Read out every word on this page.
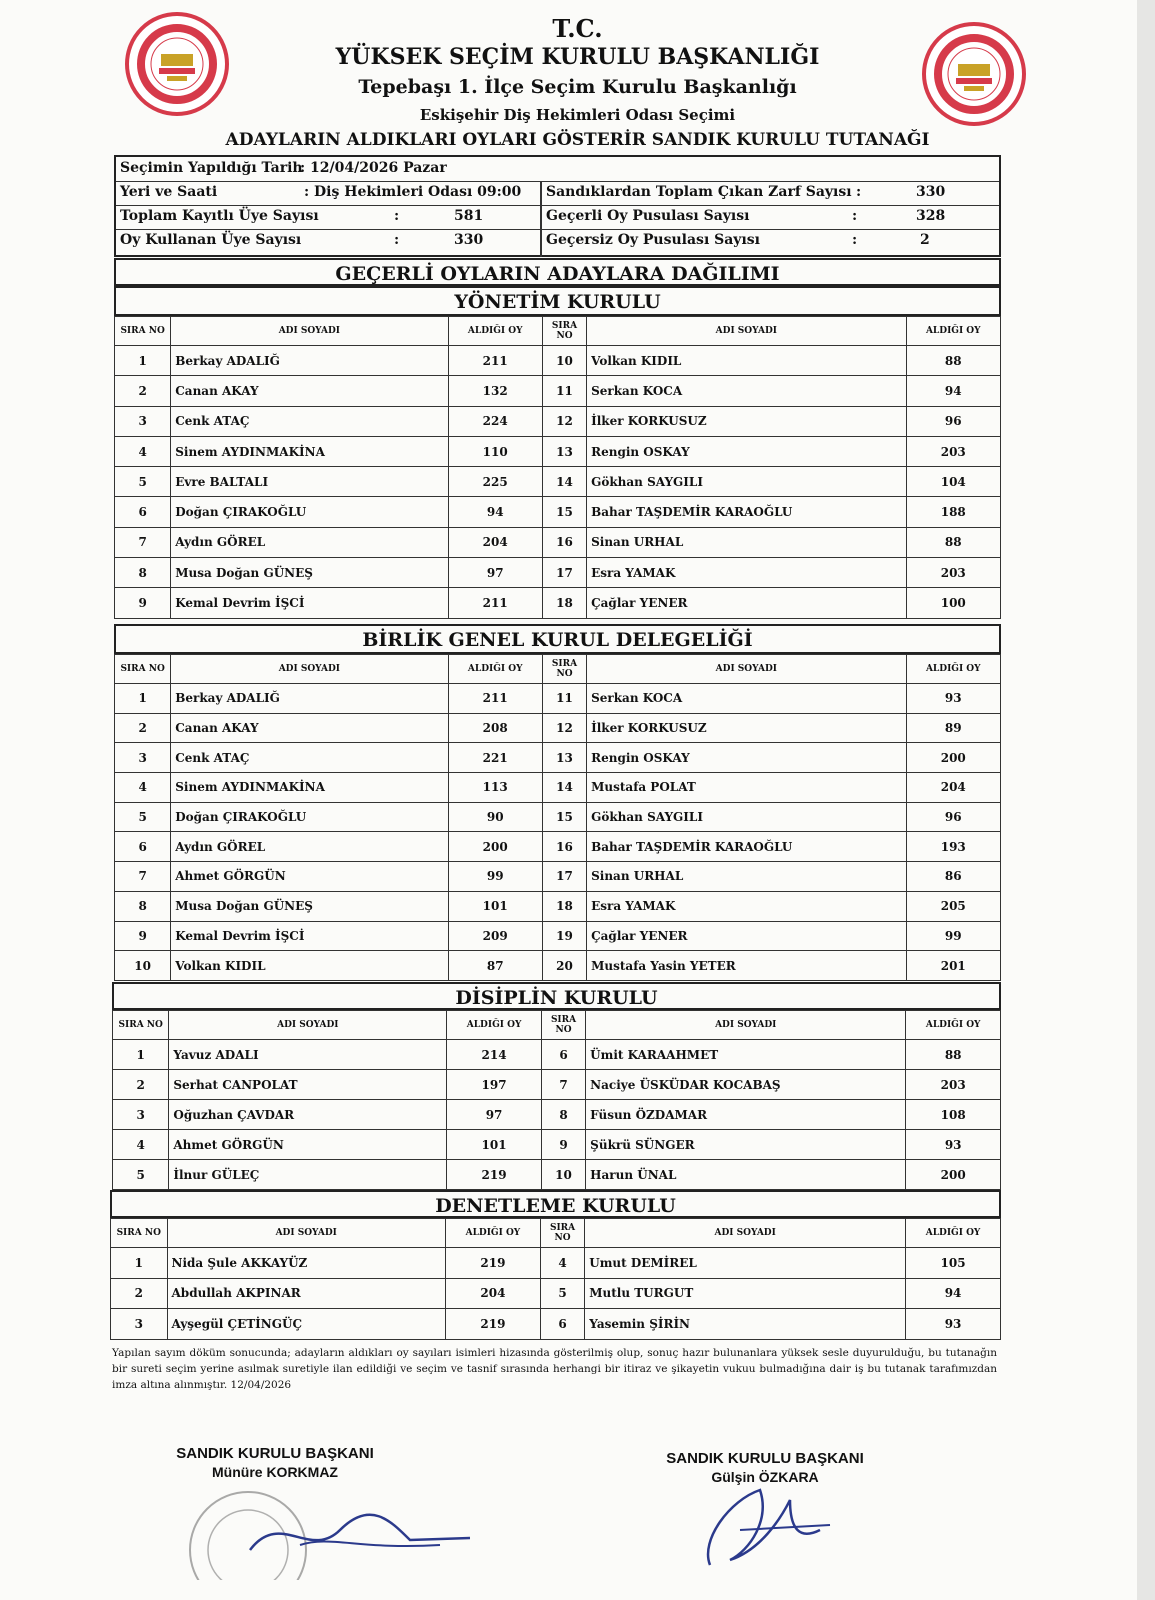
T.C.
YÜKSEK SEÇİM KURULU BAŞKANLIĞI
Tepebaşı 1. İlçe Seçim Kurulu Başkanlığı
Eskişehir Diş Hekimleri Odası Seçimi
ADAYLARIN ALDIKLARI OYLARI GÖSTERİR SANDIK KURULU TUTANAĞI
Seçimin Yapıldığı Tarih
: 12/04/2026 Pazar
Yeri ve Saati	: Diş Hekimleri Odası 09:00 Sandıklardan Toplam Çıkan Zarf Sayısı :	330
Toplam Kayıtlı Üye Sayısı	:	581	Geçerli Oy Pusulası Sayısı	:	328
Oy Kullanan Üye Sayısı	:	330	Geçersiz Oy Pusulası Sayısı	:	2
GEÇERLİ OYLARIN ADAYLARA DAĞILIMI
YÖNETİM KURULU
SIRA NO	ADI SOYADI	ALDIĞI OY	SIRA NO	ADI SOYADI	ALDIĞI OY
1	Berkay ADALIĞ	211	10	Volkan KIDIL	88
2	Canan AKAY	132	11	Serkan KOCA	94
3	Cenk ATAÇ	224	12	İlker KORKUSUZ	96
4	Sinem AYDINMAKİNA	110	13	Rengin OSKAY	203
5	Evre BALTALI	225	14	Gökhan SAYGILI	104
6	Doğan ÇIRAKOĞLU	94	15	Bahar TAŞDEMİR KARAOĞLU	188
7	Aydın GÖREL	204	16	Sinan URHAL	88
8	Musa Doğan GÜNEŞ	97	17	Esra YAMAK	203
9	Kemal Devrim İŞCİ	211	18	Çağlar YENER	100
BİRLİK GENEL KURUL DELEGELİĞİ
SIRA NO	ADI SOYADI	ALDIĞI OY	SIRA NO	ADI SOYADI	ALDIĞI OY
1	Berkay ADALIĞ	211	11	Serkan KOCA	93
2	Canan AKAY	208	12	İlker KORKUSUZ	89
3	Cenk ATAÇ	221	13	Rengin OSKAY	200
4	Sinem AYDINMAKİNA	113	14	Mustafa POLAT	204
5	Doğan ÇIRAKOĞLU	90	15	Gökhan SAYGILI	96
6	Aydın GÖREL	200	16	Bahar TAŞDEMİR KARAOĞLU	193
7	Ahmet GÖRGÜN	99	17	Sinan URHAL	86
8	Musa Doğan GÜNEŞ	101	18	Esra YAMAK	205
9	Kemal Devrim İŞCİ	209	19	Çağlar YENER	99
10	Volkan KIDIL	87	20	Mustafa Yasin YETER	201
DİSİPLİN KURULU
SIRA NO	ADI SOYADI	ALDIĞI OY	SIRA NO	ADI SOYADI	ALDIĞI OY
1	Yavuz ADALI	214	6	Ümit KARAAHMET	88
2	Serhat CANPOLAT	197	7	Naciye ÜSKÜDAR KOCABAŞ	203
3	Oğuzhan ÇAVDAR	97	8	Füsun ÖZDAMAR	108
4	Ahmet GÖRGÜN	101	9	Şükrü SÜNGER	93
5	İlnur GÜLEÇ	219	10	Harun ÜNAL	200
DENETLEME KURULU
SIRA NO	ADI SOYADI	ALDIĞI OY	SIRA NO	ADI SOYADI	ALDIĞI OY
1	Nida Şule AKKAYÜZ	219	4	Umut DEMİREL	105
2	Abdullah AKPINAR	204	5	Mutlu TURGUT	94
3	Ayşegül ÇETİNGÜÇ	219	6	Yasemin ŞİRİN	93
Yapılan sayım döküm sonucunda; adayların aldıkları oy sayıları isimleri hizasında gösterilmiş olup, sonuç hazır bulunanlara yüksek sesle duyurulduğu, bu tutanağın bir sureti seçim yerine asılmak suretiyle ilan edildiği ve seçim ve tasnif sırasında herhangi bir itiraz ve şikayetin vukuu bulmadığına dair iş bu tutanak tarafımızdan imza altına alınmıştır. 12/04/2026
SANDIK KURULU BAŞKANI
Münüre KORKMAZ
SANDIK KURULU BAŞKANI
Gülşin ÖZKARA
